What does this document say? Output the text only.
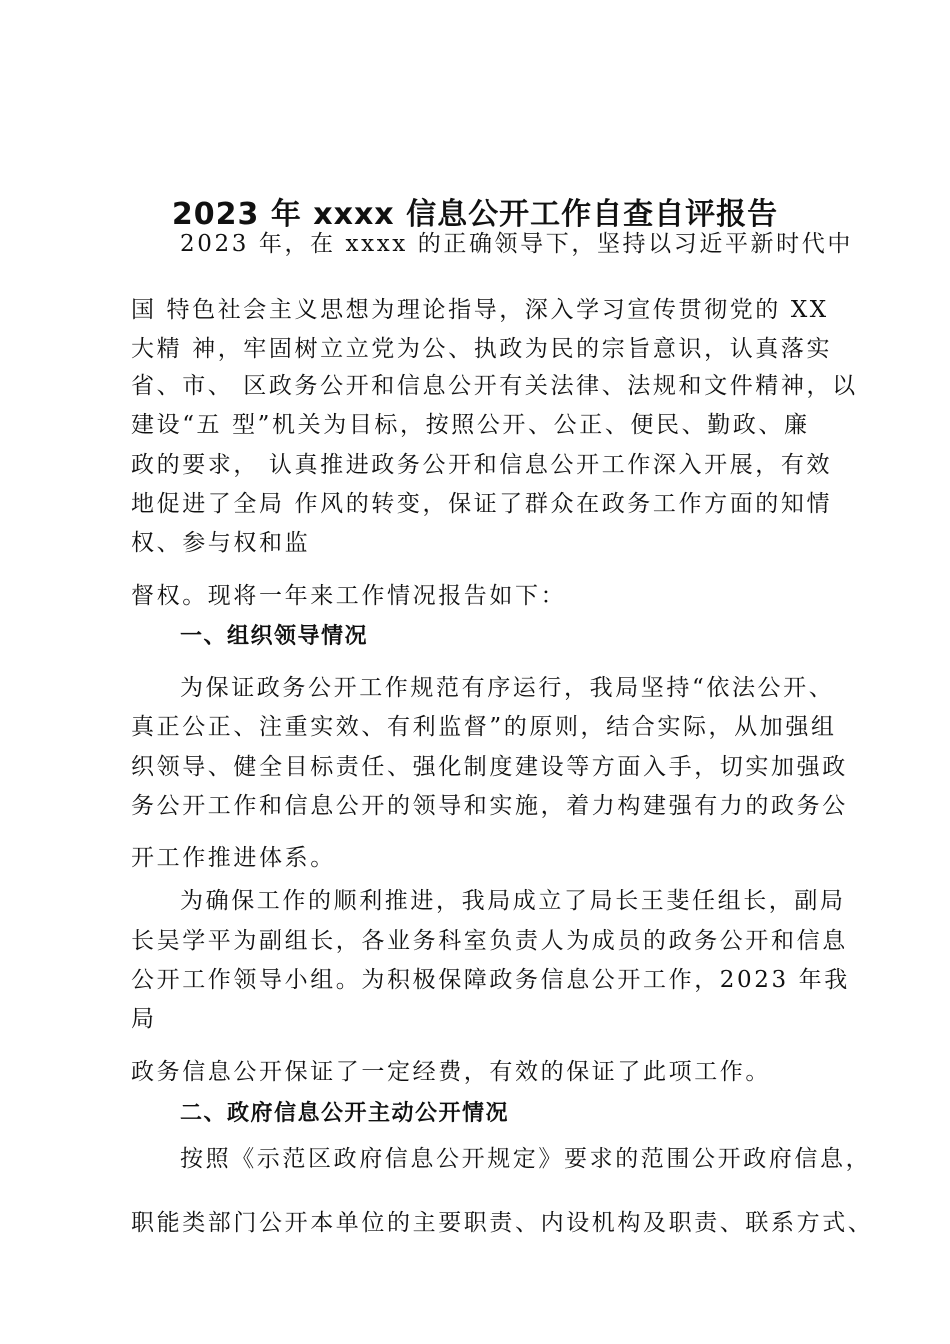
2023 年 xxxx 信息公开工作自查自评报告

2023 年，在 xxxx 的正确领导下，坚持以习近平新时代中

国 特色社会主义思想为理论指导，深入学习宣传贯彻党的 XX

大精 神，牢固树立立党为公、执政为民的宗旨意识，认真落实

省、市、 区政务公开和信息公开有关法律、法规和文件精神，以

建设“五 型”机关为目标，按照公开、公正、便民、勤政、廉

政的要求， 认真推进政务公开和信息公开工作深入开展，有效

地促进了全局 作风的转变，保证了群众在政务工作方面的知情

权、参与权和监

督权。现将一年来工作情况报告如下：

一、组织领导情况

为保证政务公开工作规范有序运行，我局坚持“依法公开、

真正公正、注重实效、有利监督”的原则，结合实际，从加强组

织领导、健全目标责任、强化制度建设等方面入手，切实加强政

务公开工作和信息公开的领导和实施，着力构建强有力的政务公

开工作推进体系。

为确保工作的顺利推进，我局成立了局长王斐任组长，副局

长吴学平为副组长，各业务科室负责人为成员的政务公开和信息

公开工作领导小组。为积极保障政务信息公开工作，2023 年我

局

政务信息公开保证了一定经费，有效的保证了此项工作。

二、政府信息公开主动公开情况

按照《示范区政府信息公开规定》要求的范围公开政府信息，

职能类部门公开本单位的主要职责、内设机构及职责、联系方式、
